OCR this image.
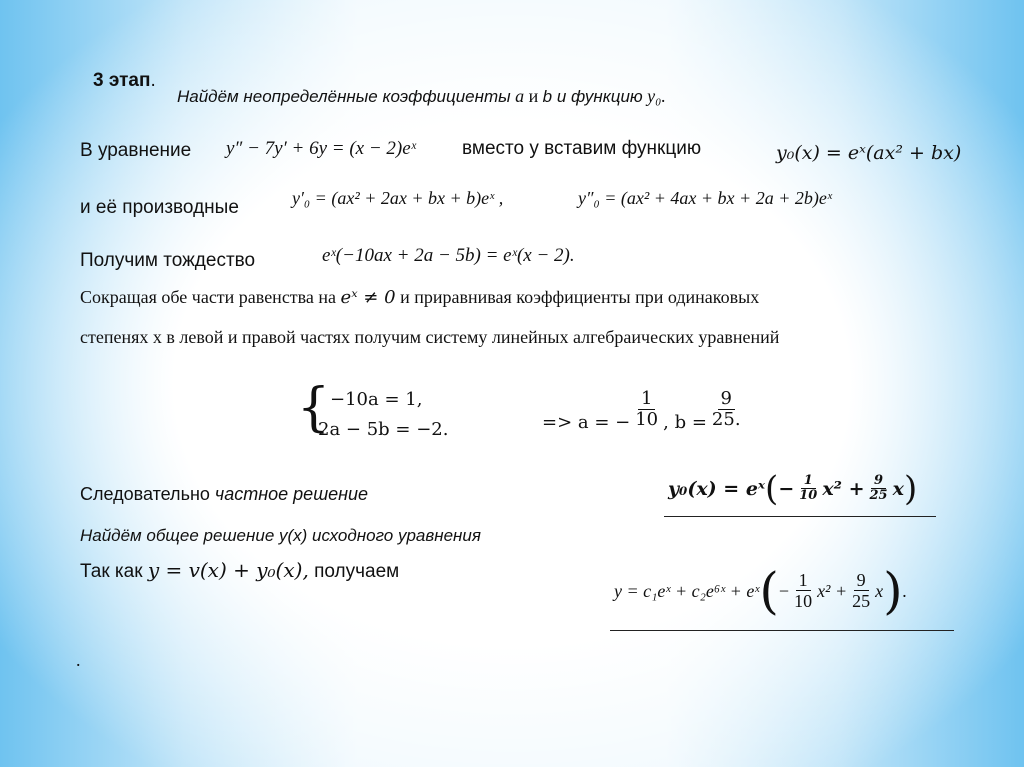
3 этап.
Найдём неопределённые коэффициенты a и b и функцию y₀.
В уравнение y″ − 7y′ + 6y = (x − 2)eˣ вместо y вставим функцию	y₀(x) = eˣ(ax² + bx)
и её производные	y′₀ = (ax² + 2ax + bx + b)eˣ ,	y″₀ = (ax² + 4ax + bx + 2a + 2b)eˣ
Получим тождество	eˣ(−10ax + 2a − 5b) = eˣ(x − 2).
Сокращая обе части равенства на eˣ ≠ 0 и приравнивая коэффициенты при одинаковых
степенях х в левой и правой частях получим систему линейных алгебраических уравнений
{ −10a = 1,
2a − 5b = −2.	=> a = − $\frac{1}{10}$ , $b = \frac{9}{25.}$
Следовательно частное решение	y₀(x) = eˣ ( − $\frac{1}{10} x^2 + \frac{9}{25}$ x )
Найдём общее решение y(x) исходного уравнения
Так как y = v(x) + y₀(x), получаем
y = c₁eˣ + c₂e⁶ˣ + eˣ ( − $\frac{1}{10} x^2 + \frac{9}{25}$ x ) .
.
